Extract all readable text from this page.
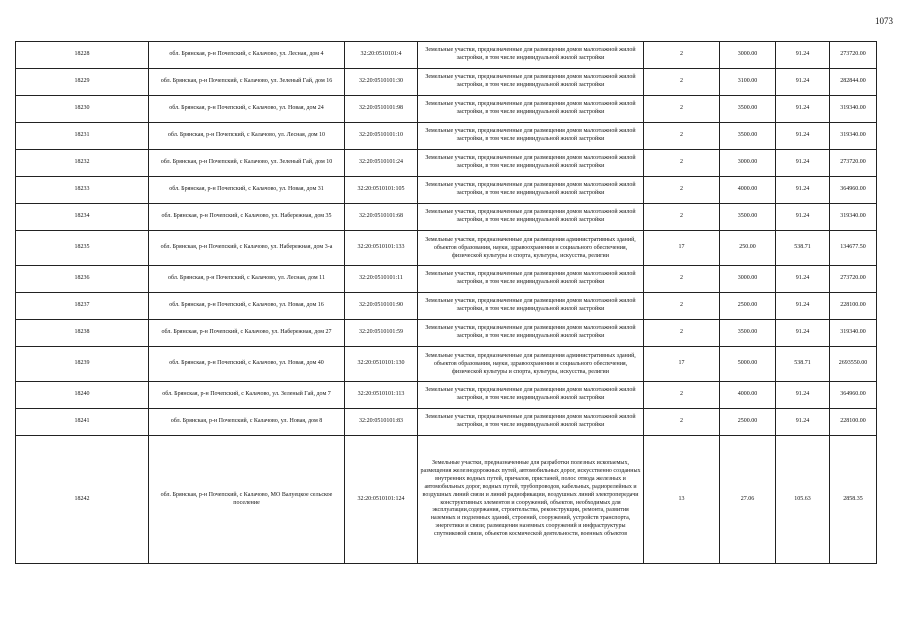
1073
18228	обл. Брянская, р-н Почепский, с Калачово, ул. Лесная, дом 4	32:20:0510101:4	Земельные участки, предназначенные для размещения домов малоэтажной жилой застройки, в том числе индивидуальной жилой застройки	2	3000.00	91.24	273720.00
18229	обл. Брянская, р-н Почепский, с Калачово, ул. Зеленый Гай, дом 16	32:20:0510101:30	Земельные участки, предназначенные для размещения домов малоэтажной жилой застройки, в том числе индивидуальной жилой застройки	2	3100.00	91.24	282844.00
18230	обл. Брянская, р-н Почепский, с Калачово, ул. Новая, дом 24	32:20:0510101:98	Земельные участки, предназначенные для размещения домов малоэтажной жилой застройки, в том числе индивидуальной жилой застройки	2	3500.00	91.24	319340.00
18231	обл. Брянская, р-н Почепский, с Калачово, ул. Лесная, дом 10	32:20:0510101:10	Земельные участки, предназначенные для размещения домов малоэтажной жилой застройки, в том числе индивидуальной жилой застройки	2	3500.00	91.24	319340.00
18232	обл. Брянская, р-н Почепский, с Калачово, ул. Зеленый Гай, дом 10	32:20:0510101:24	Земельные участки, предназначенные для размещения домов малоэтажной жилой застройки, в том числе индивидуальной жилой застройки	2	3000.00	91.24	273720.00
18233	обл. Брянская, р-н Почепский, с Калачово, ул. Новая, дом 31	32:20:0510101:105	Земельные участки, предназначенные для размещения домов малоэтажной жилой застройки, в том числе индивидуальной жилой застройки	2	4000.00	91.24	364960.00
18234	обл. Брянская, р-н Почепский, с Калачово, ул. Набережная, дом 35	32:20:0510101:68	Земельные участки, предназначенные для размещения домов малоэтажной жилой застройки, в том числе индивидуальной жилой застройки	2	3500.00	91.24	319340.00
18235	обл. Брянская, р-н Почепский, с Калачово, ул. Набережная, дом 3-а	32:20:0510101:133	Земельные участки, предназначенные для размещения административных зданий, объектов образования, науки, здравоохранения и социального обеспечения, физической культуры и спорта, культуры, искусства, религии	17	250.00	538.71	134677.50
18236	обл. Брянская, р-н Почепский, с Калачово, ул. Лесная, дом 11	32:20:0510101:11	Земельные участки, предназначенные для размещения домов малоэтажной жилой застройки, в том числе индивидуальной жилой застройки	2	3000.00	91.24	273720.00
18237	обл. Брянская, р-н Почепский, с Калачово, ул. Новая, дом 16	32:20:0510101:90	Земельные участки, предназначенные для размещения домов малоэтажной жилой застройки, в том числе индивидуальной жилой застройки	2	2500.00	91.24	228100.00
18238	обл. Брянская, р-н Почепский, с Калачово, ул. Набережная, дом 27	32:20:0510101:59	Земельные участки, предназначенные для размещения домов малоэтажной жилой застройки, в том числе индивидуальной жилой застройки	2	3500.00	91.24	319340.00
18239	обл. Брянская, р-н Почепский, с Калачово, ул. Новая, дом 40	32:20:0510101:130	Земельные участки, предназначенные для размещения административных зданий, объектов образования, науки, здравоохранения и социального обеспечения, физической культуры и спорта, культуры, искусства, религии	17	5000.00	538.71	2693550.00
18240	обл. Брянская, р-н Почепский, с Калачово, ул. Зеленый Гай, дом 7	32:20:0510101:113	Земельные участки, предназначенные для размещения домов малоэтажной жилой застройки, в том числе индивидуальной жилой застройки	2	4000.00	91.24	364960.00
18241	обл. Брянская, р-н Почепский, с Калачово, ул. Новая, дом 8	32:20:0510101:83	Земельные участки, предназначенные для размещения домов малоэтажной жилой застройки, в том числе индивидуальной жилой застройки	2	2500.00	91.24	228100.00
18242	обл. Брянская, р-н Почепский, с Калачово, МО Валуецкое сельское поселение	32:20:0510101:124	Земельные участки, предназначенные для разработки полезных ископаемых, размещения железнодорожных путей, автомобильных дорог, искусственно созданных внутренних водных путей, причалов, пристаней, полос отвода железных и автомобильных дорог, водных путей, трубопроводов, кабельных, радиорелейных и воздушных линий связи и линий радиофикации, воздушных линий электропередачи конструктивных элементов и сооружений, объектов, необходимых для эксплуатации,содержания, строительства, реконструкции, ремонта, развития наземных и подземных зданий, строений, сооружений, устройств транспорта, энергетики и связи; размещения наземных сооружений и инфраструктуры спутниковой связи, объектов космической деятельности, военных объектов	13	27.06	105.63	2858.35
